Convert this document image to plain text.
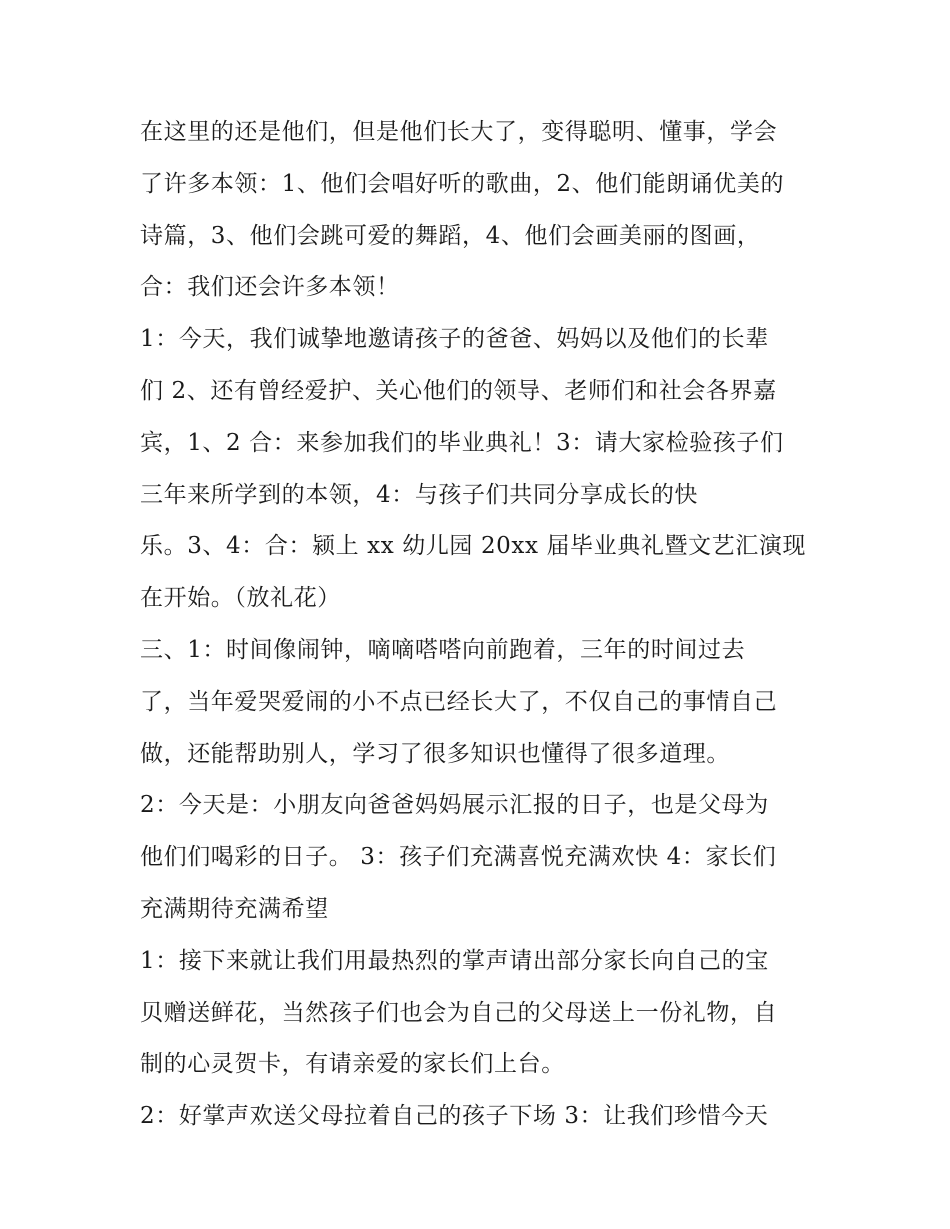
在这里的还是他们，但是他们长大了，变得聪明、懂事，学会
了许多本领：1、他们会唱好听的歌曲，2、他们能朗诵优美的
诗篇，3、他们会跳可爱的舞蹈，4、他们会画美丽的图画，
合：我们还会许多本领！
1：今天，我们诚挚地邀请孩子的爸爸、妈妈以及他们的长辈
们 2、还有曾经爱护、关心他们的领导、老师们和社会各界嘉
宾，1、2 合：来参加我们的毕业典礼！3：请大家检验孩子们
三年来所学到的本领，4：与孩子们共同分享成长的快
乐。3、4：合：颍上 xx 幼儿园 20xx 届毕业典礼暨文艺汇演现
在开始。（放礼花）
三、1：时间像闹钟，嘀嘀嗒嗒向前跑着，三年的时间过去
了，当年爱哭爱闹的小不点已经长大了，不仅自己的事情自己
做，还能帮助别人，学习了很多知识也懂得了很多道理。
2：今天是：小朋友向爸爸妈妈展示汇报的日子，也是父母为
他们们喝彩的日子。 3：孩子们充满喜悦充满欢快 4：家长们
充满期待充满希望
1：接下来就让我们用最热烈的掌声请出部分家长向自己的宝
贝赠送鲜花，当然孩子们也会为自己的父母送上一份礼物，自
制的心灵贺卡，有请亲爱的家长们上台。
2：好掌声欢送父母拉着自己的孩子下场 3：让我们珍惜今天
